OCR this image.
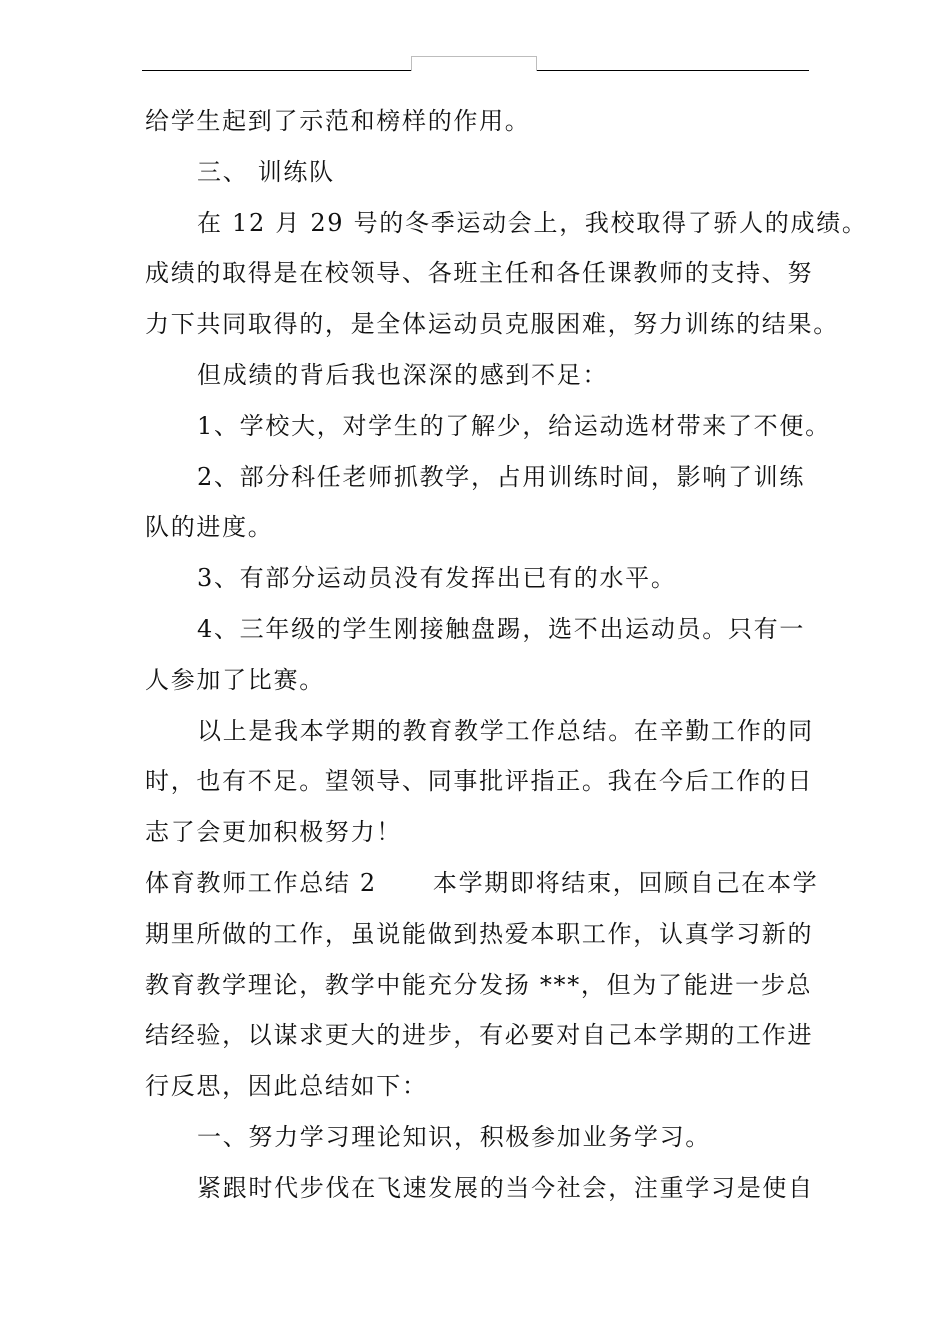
给学生起到了示范和榜样的作用。
三、 训练队
在 12 月 29 号的冬季运动会上，我校取得了骄人的成绩。
成绩的取得是在校领导、各班主任和各任课教师的支持、努
力下共同取得的，是全体运动员克服困难，努力训练的结果。
但成绩的背后我也深深的感到不足：
1、学校大，对学生的了解少，给运动选材带来了不便。
2、部分科任老师抓教学，占用训练时间，影响了训练
队的进度。
3、有部分运动员没有发挥出已有的水平。
4、三年级的学生刚接触盘踢，选不出运动员。只有一
人参加了比赛。
以上是我本学期的教育教学工作总结。在辛勤工作的同
时，也有不足。望领导、同事批评指正。我在今后工作的日
志了会更加积极努力！
体育教师工作总结 2      本学期即将结束，回顾自己在本学
期里所做的工作，虽说能做到热爱本职工作，认真学习新的
教育教学理论，教学中能充分发扬 ***，但为了能进一步总
结经验，以谋求更大的进步，有必要对自己本学期的工作进
行反思，因此总结如下：
一、努力学习理论知识，积极参加业务学习。
紧跟时代步伐在飞速发展的当今社会，注重学习是使自
